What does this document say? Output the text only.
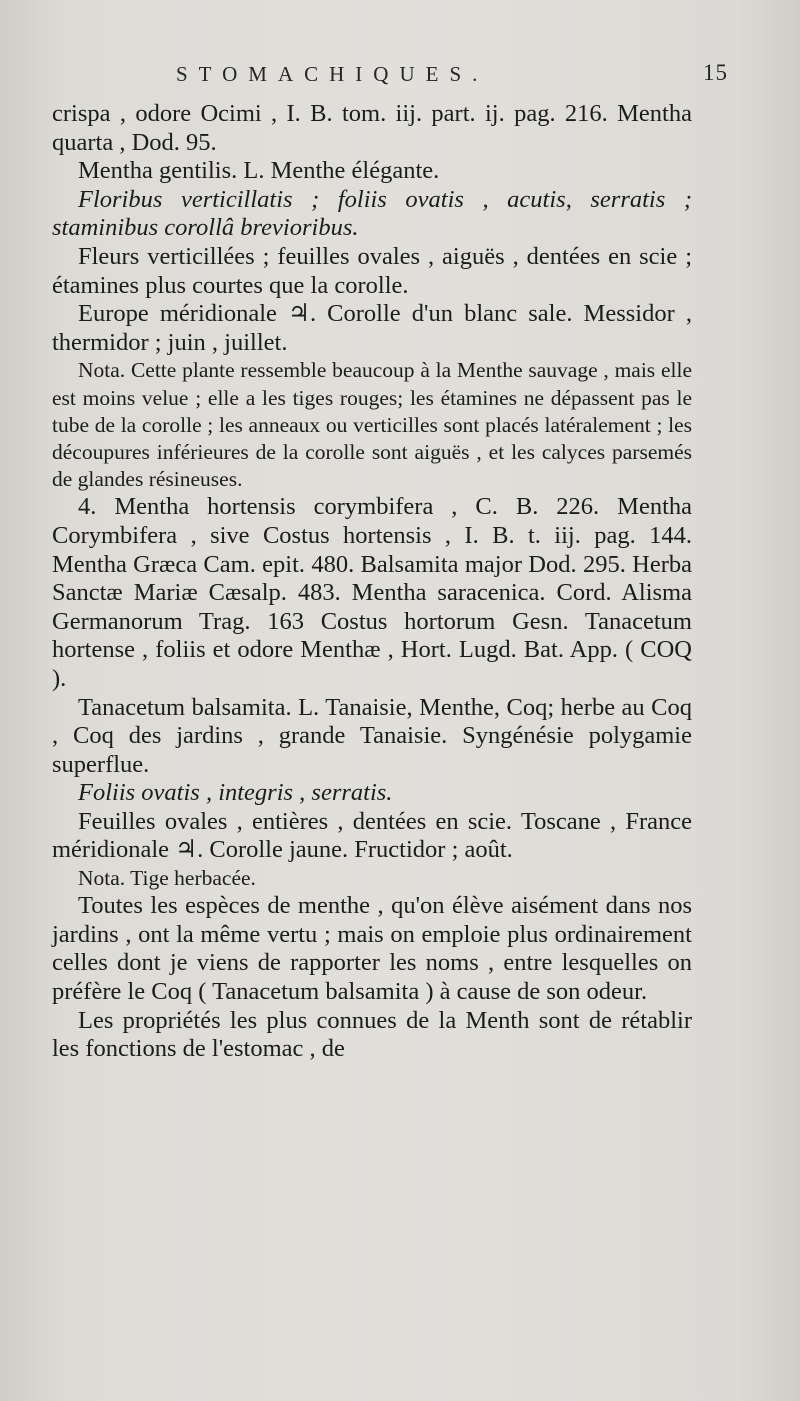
STOMACHIQUES.	15

crispa , odore Ocimi , I. B. tom. iij. part. ij. pag. 216. Mentha quarta , Dod. 95.

Mentha gentilis. L. Menthe élégante.

Floribus verticillatis ; foliis ovatis , acutis, serratis ; staminibus corollâ brevioribus.

Fleurs verticillées ; feuilles ovales , aiguës , dentées en scie ; étamines plus courtes que la corolle.

Europe méridionale ♃. Corolle d'un blanc sale. Messidor , thermidor ; juin , juillet.

Nota. Cette plante ressemble beaucoup à la Menthe sauvage , mais elle est moins velue ; elle a les tiges rouges; les étamines ne dépassent pas le tube de la corolle ; les anneaux ou verticilles sont placés latéralement ; les découpures inférieures de la corolle sont aiguës , et les calyces parsemés de glandes résineuses.

4. Mentha hortensis corymbifera , C. B. 226. Mentha Corymbifera , sive Costus hortensis , I. B. t. iij. pag. 144. Mentha Græca Cam. epit. 480. Balsamita major Dod. 295. Herba Sanctæ Mariæ Cæsalp. 483. Mentha saracenica. Cord. Alisma Germanorum Trag. 163 Costus hortorum Gesn. Tanacetum hortense , foliis et odore Menthæ , Hort. Lugd. Bat. App. ( COQ ).

Tanacetum balsamita. L. Tanaisie, Menthe, Coq; herbe au Coq , Coq des jardins , grande Tanaisie. Syngénésie polygamie superflue.

Foliis ovatis , integris , serratis.

Feuilles ovales , entières , dentées en scie. Toscane , France méridionale ♃. Corolle jaune. Fructidor ; août.

Nota. Tige herbacée.

Toutes les espèces de menthe , qu'on élève aisément dans nos jardins , ont la même vertu ; mais on emploie plus ordinairement celles dont je viens de rapporter les noms , entre lesquelles on préfère le Coq ( Tanacetum balsamita ) à cause de son odeur.

Les propriétés les plus connues de la Menth sont de rétablir les fonctions de l'estomac , de
